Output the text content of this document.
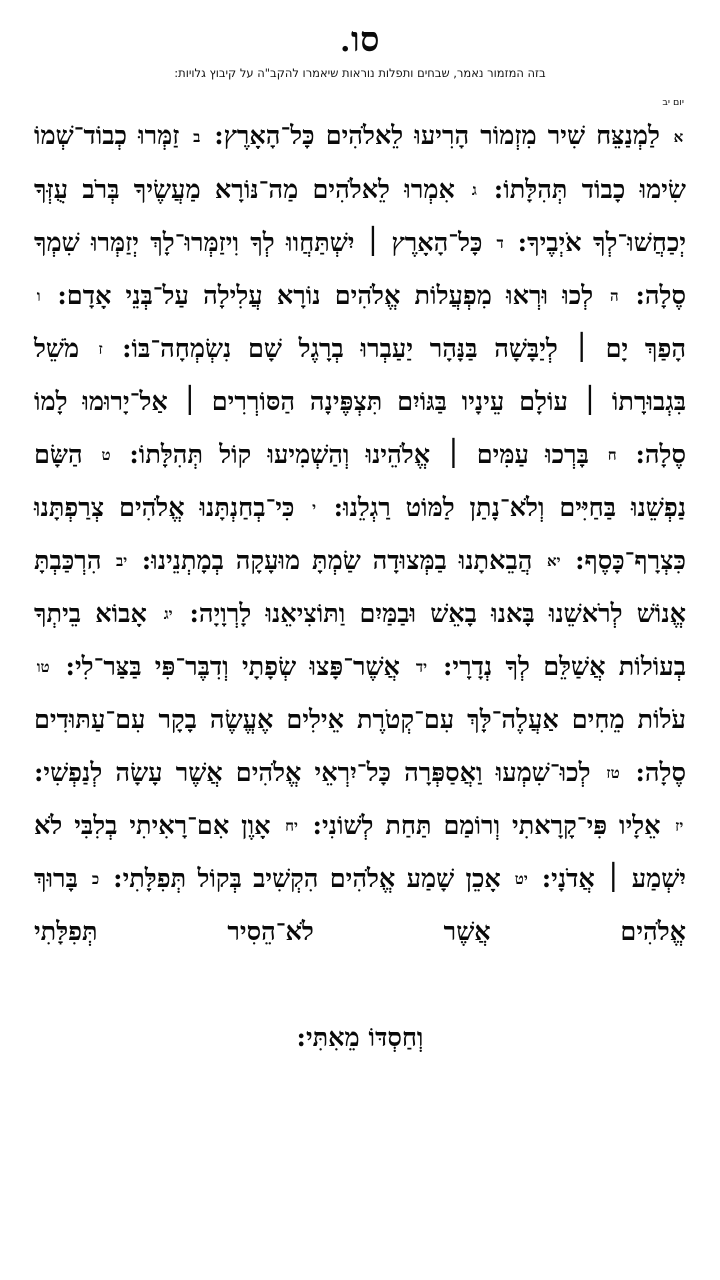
סו.
בזה המזמור נאמר, שבחים ותפלות נוראות שיאמרו להקב"ה על קיבוץ גלויות:
יום יב
א לַמְנַצֵּח שִׁיר מִזְמוֹר הָרִיעוּ לֵאלֹהִים כָּל־הָאָרֶץ: ב זַמְּרוּ כְבוֹד־שְׁמוֹ שִׂימוּ כָבוֹד תְּהִלָּתוֹ: ג אִמְרוּ לֵאלֹהִים מַה־נּוֹרָא מַעֲשֶׂיךָ בְּרֹב עֻזְּךָ יְכַחֲשׁוּ־לְךָ אֹיְבֶיךָ: ד כָּל־הָאָרֶץ ׀ יִשְׁתַּחֲווּ לְךָ וִיזַמְּרוּ־לָךְ יְזַמְּרוּ שִׁמְךָ סֶלָה: ה לְכוּ וּרְאוּ מִפְעֲלוֹת אֱלֹהִים נוֹרָא עֲלִילָה עַל־בְּנֵי אָדָם: ו הָפַךְ יָם ׀ לְיַבָּשָׁה בַּנָּהָר יַעַבְרוּ בְרָגֶל שָׁם נִשְׂמְחָה־בּוֹ: ז מֹשֵׁל בִּגְבוּרָתוֹ ׀ עוֹלָם עֵינָיו בַּגּוֹיִם תִּצְפֶּינָה הַסּוֹרְרִים ׀ אַל־יָרוּמוּ לָמוֹ סֶלָה: ח בָּרְכוּ עַמִּים ׀ אֱלֹהֵינוּ וְהַשְׁמִיעוּ קוֹל תְּהִלָּתוֹ: ט הַשָּׂם נַפְשֵׁנוּ בַּחַיִּים וְלֹא־נָתַן לַמּוֹט רַגְלֵנוּ: י כִּי־בְחַנְתָּנוּ אֱלֹהִים צְרַפְתָּנוּ כִּצְרָף־כָּסֶף: יא הֲבֵאתָנוּ בַמְּצוּדָה שַׂמְתָּ מוּעָקָה בְמָתְנֵינוּ: יב הִרְכַּבְתָּ אֱנוֹשׁ לְרֹאשֵׁנוּ בָּאנוּ בָאֵשׁ וּבַמַּיִם וַתּוֹצִיאֵנוּ לָרְוָיָה: יג אָבוֹא בֵיתְךָ בְעוֹלוֹת אֲשַׁלֵּם לְךָ נְדָרָי: יד אֲשֶׁר־פָּצוּ שְׂפָתָי וְדִבֶּר־פִּי בַּצַּר־לִי: טו עֹלוֹת מֵחִים אַעֲלֶה־לָּךְ עִם־קְטֹרֶת אֵילִים אֶעֱשֶׂה בָקָר עִם־עַתּוּדִים סֶלָה: טז לְכוּ־שִׁמְעוּ וַאֲסַפְּרָה כָּל־יִרְאֵי אֱלֹהִים אֲשֶׁר עָשָׂה לְנַפְשִׁי: יז אֵלָיו פִּי־קָרָאתִי וְרוֹמַם תַּחַת לְשׁוֹנִי: יח אָוֶן אִם־רָאִיתִי בְלִבִּי לֹא יִשְׁמַע ׀ אֲדֹנָי: יט אָכֵן שָׁמַע אֱלֹהִים הִקְשִׁיב בְּקוֹל תְּפִלָּתִי: כ בָּרוּךְ אֱלֹהִים אֲשֶׁר לֹא־הֵסִיר תְּפִלָּתִי
וְחַסְדּוֹ מֵאִתִּי:
